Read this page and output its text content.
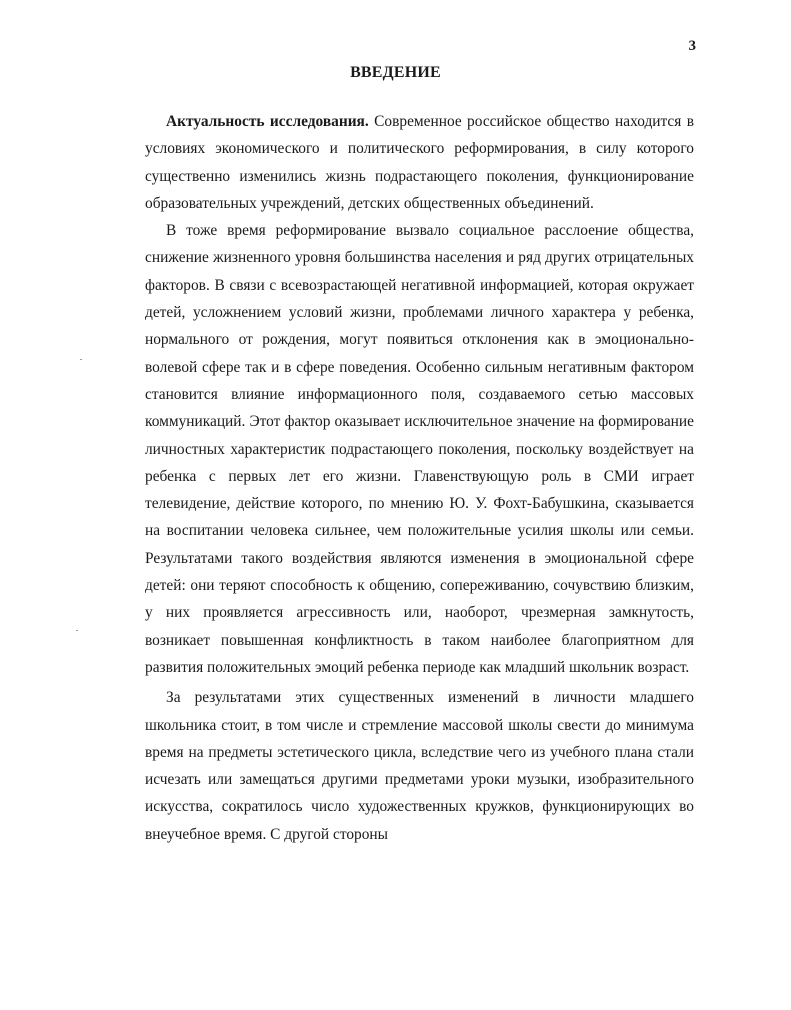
3
ВВЕДЕНИЕ

Актуальность исследования. Современное российское общество находится в условиях экономического и политического реформирования, в силу которого существенно изменились жизнь подрастающего поколения, функционирование образовательных учреждений, детских общественных объединений.

В тоже время реформирование вызвало социальное расслоение общества, снижение жизненного уровня большинства населения и ряд других отрицательных факторов. В связи с всевозрастающей негативной информацией, которая окружает детей, усложнением условий жизни, проблемами личного характера у ребенка, нормального от рождения, могут появиться отклонения как в эмоционально-волевой сфере так и в сфере поведения. Особенно сильным негативным фактором становится влияние информационного поля, создаваемого сетью массовых коммуникаций. Этот фактор оказывает исключительное значение на формирование личностных характеристик подрастающего поколения, поскольку воздействует на ребенка с первых лет его жизни. Главенствующую роль в СМИ играет телевидение, действие которого, по мнению Ю. У. Фохт-Бабушкина, сказывается на воспитании человека сильнее, чем положительные усилия школы или семьи. Результатами такого воздействия являются изменения в эмоциональной сфере детей: они теряют способность к общению, сопереживанию, сочувствию близким, у них проявляется агрессивность или, наоборот, чрезмерная замкнутость, возникает повышенная конфликтность в таком наиболее благоприятном для развития положительных эмоций ребенка периоде как младший школьник возраст.

За результатами этих существенных изменений в личности младшего школьника стоит, в том числе и стремление массовой школы свести до минимума время на предметы эстетического цикла, вследствие чего из учебного плана стали исчезать или замещаться другими предметами уроки музыки, изобразительного искусства, сократилось число художественных кружков, функционирующих во внеучебное время. С другой стороны
